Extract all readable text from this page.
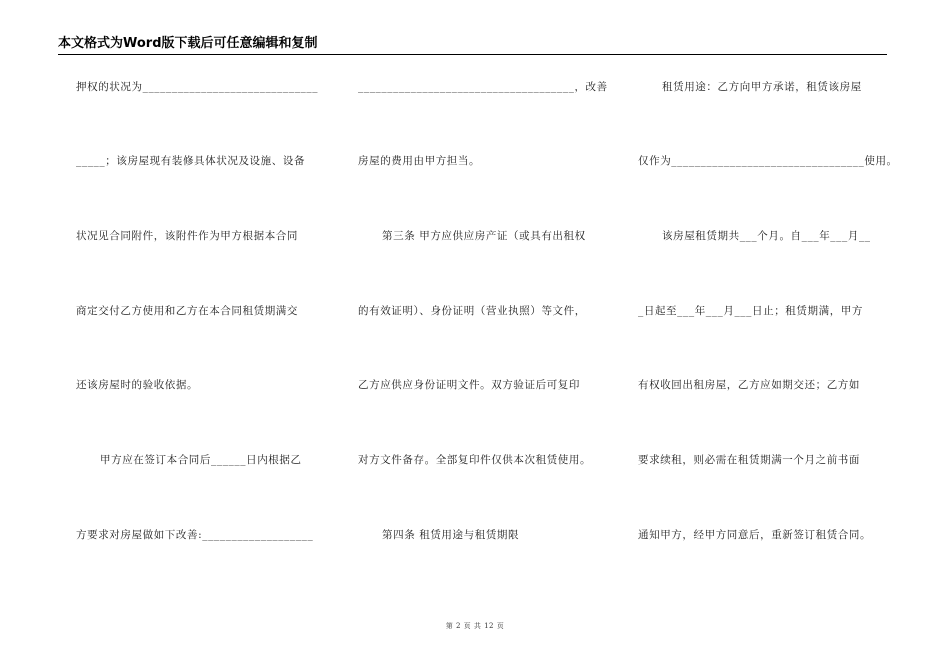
本文格式为Word版下载后可任意编辑和复制
押权的状况为______________________________
_____；该房屋现有装修具体状况及设施、设备
状况见合同附件，该附件作为甲方根据本合同
商定交付乙方使用和乙方在本合同租赁期满交
还该房屋时的验收依据。
甲方应在签订本合同后______日内根据乙
方要求对房屋做如下改善:___________________
_____________________________________，改善
房屋的费用由甲方担当。
第三条 甲方应供应房产证（或具有出租权
的有效证明）、身份证明（营业执照）等文件，
乙方应供应身份证明文件。双方验证后可复印
对方文件备存。全部复印件仅供本次租赁使用。
第四条 租赁用途与租赁期限
租赁用途：乙方向甲方承诺，租赁该房屋
仅作为_________________________________使用。
该房屋租赁期共___个月。自___年___月__
_日起至___年___月___日止；租赁期满，甲方
有权收回出租房屋，乙方应如期交还；乙方如
要求续租，则必需在租赁期满一个月之前书面
通知甲方，经甲方同意后，重新签订租赁合同。
第 2 页 共 12 页
